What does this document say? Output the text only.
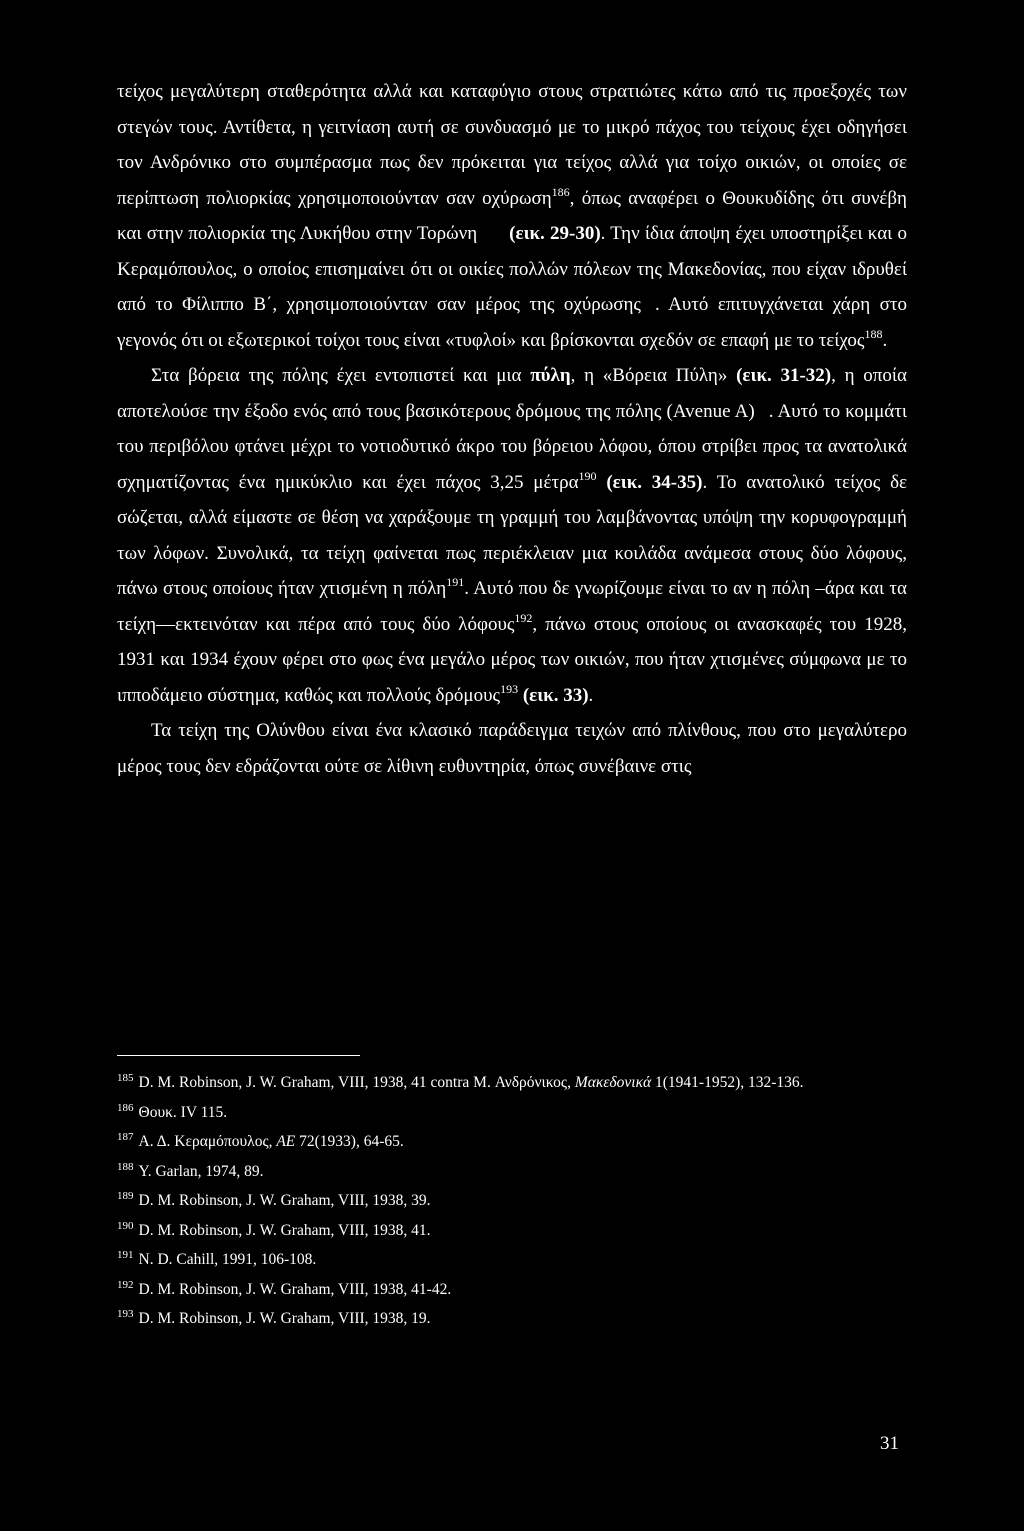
τείχος μεγαλύτερη σταθερότητα αλλά και καταφύγιο στους στρατιώτες κάτω από τις προεξοχές των στεγών τους. Αντίθετα, η γειτνίαση αυτή σε συνδυασμό με το μικρό πάχος του τείχους έχει οδηγήσει τον Ανδρόνικο στο συμπέρασμα πως δεν πρόκειται για τείχος αλλά για τοίχο οικιών, οι οποίες σε περίπτωση πολιορκίας χρησιμοποιούνταν σαν οχύρωση$^{186}$, όπως αναφέρει ο Θουκυδίδης ότι συνέβη και στην πολιορκία της Λυκήθου στην Τορώνη (εικ. 29-30). Την ίδια άποψη έχει υποστηρίξει και ο Κεραμόπουλος, ο οποίος επισημαίνει ότι οι οικίες πολλών πόλεων της Μακεδονίας, που είχαν ιδρυθεί από το Φίλιππο Β΄, χρησιμοποιούνταν σαν μέρος της οχύρωσης . Αυτό επιτυγχάνεται χάρη στο γεγονός ότι οι εξωτερικοί τοίχοι τους είναι «τυφλοί» και βρίσκονται σχεδόν σε επαφή με το τείχος$^{188}$.

Στα βόρεια της πόλης έχει εντοπιστεί και μια πύλη, η «Βόρεια Πύλη» (εικ. 31-32), η οποία αποτελούσε την έξοδο ενός από τους βασικότερους δρόμους της πόλης (Avenue A) . Αυτό το κομμάτι του περιβόλου φτάνει μέχρι το νοτιοδυτικό άκρο του βόρειου λόφου, όπου στρίβει προς τα ανατολικά σχηματίζοντας ένα ημικύκλιο και έχει πάχος 3,25 μέτρα$^{190}$ (εικ. 34-35). Το ανατολικό τείχος δε σώζεται, αλλά είμαστε σε θέση να χαράξουμε τη γραμμή του λαμβάνοντας υπόψη την κορυφογραμμή των λόφων. Συνολικά, τα τείχη φαίνεται πως περιέκλειαν μια κοιλάδα ανάμεσα στους δύο λόφους, πάνω στους οποίους ήταν χτισμένη η πόλη$^{191}$. Αυτό που δε γνωρίζουμε είναι το αν η πόλη –άρα και τα τείχη—εκτεινόταν και πέρα από τους δύο λόφους$^{192}$, πάνω στους οποίους οι ανασκαφές του 1928, 1931 και 1934 έχουν φέρει στο φως ένα μεγάλο μέρος των οικιών, που ήταν χτισμένες σύμφωνα με το ιπποδάμειο σύστημα, καθώς και πολλούς δρόμους$^{193}$ (εικ. 33).

Τα τείχη της Ολύνθου είναι ένα κλασικό παράδειγμα τειχών από πλίνθους, που στο μεγαλύτερο μέρος τους δεν εδράζονται ούτε σε λίθινη ευθυντηρία, όπως συνέβαινε στις

$^{185}$ D. M. Robinson, J. W. Graham, VIII, 1938, 41 contra M. Ανδρόνικος, Μακεδονικά 1(1941-1952), 132-136.

$^{186}$ Θουκ. IV 115.

$^{187}$ Α. Δ. Κεραμόπουλος, ΑΕ 72(1933), 64-65.

$^{188}$ Y. Garlan, 1974, 89.

$^{189}$ D. M. Robinson, J. W. Graham, VIII, 1938, 39.

$^{190}$ D. M. Robinson, J. W. Graham, VIII, 1938, 41.

$^{191}$ N. D. Cahill, 1991, 106-108.

$^{192}$ D. M. Robinson, J. W. Graham, VIII, 1938, 41-42.

$^{193}$ D. M. Robinson, J. W. Graham, VIII, 1938, 19.

31
